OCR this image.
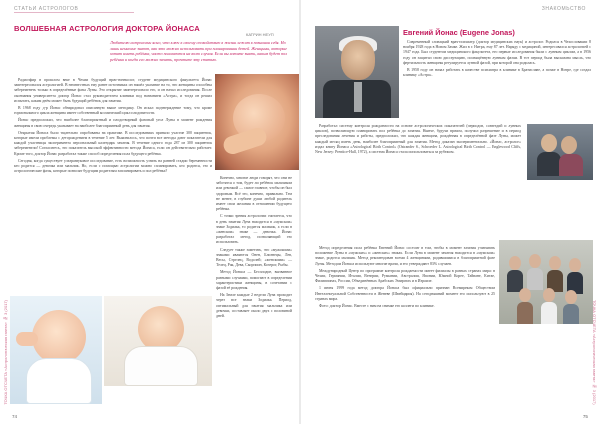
СТАТЬИ АСТРОЛОГОВ
ВОЛШЕБНАЯ АСТРОЛОГИЯ ДОКТОРА ЙОНАСА
КАТРИН НЕУП
Любителю астрологии ясно, что ключ к своему спокойствию в жизни лежит в познании себя. Но лишь немногие знают, как это можно использовать при планировании детей. Женщины, которые хотят иметь ребёнка, часто полагаются на волю случая. Если вы хотите знать, каким будет пол ребёнка и когда его можно зачать, прочтите эту статью.

Радиоэфир в прошлом веке в Чехии будущий врач-гинеколог, студент медицинского факультета Йонас заинтересовался астрологией. В неизвестных ему ранее источниках он нашёл указание на то, что женщины способны забеременеть только в определённые фазы Луны. Это открытие заинтересовало его, и он начал исследования. После окончания университета доктор Йонас стал руководителем клиники под названием «Астра», и тогда он решил испытать, каким днём может быть будущий ребёнок для зачатия.

В 1968 году д-р Йонас обнародовал описанную выше методику. Он искал подтверждение тому, что кроме гормонального цикла женщина имеет собственный космический цикл плодовитости.

Йонас предположил, что наиболее благоприятный и плодотворный фазовый угол Луны в момент рождения женщины в свою очередь указывает на наиболее благоприятный день для зачатия.

Открытия Йонаса было тщательно опробованы на практике. В исследованиях приняло участие 300 пациенток, которые имели проблемы с деторождением в течение 5 лет. Выяснилось, что почти все методы дают показатели для каждой участницы эксперимента персональный календарь зачатия. В течение одного года 287 из 300 пациенток забеременели! Согласитесь, это показатель высокой эффективности метода Йонаса, если он действительно работает. Кроме того, доктор Йонас разработал также способ определения пола будущего ребёнка.

Сегодня, когда существует ультразвуковое исследование, есть возможность узнать на ранней стадии беременности кто родится — девочка или мальчик. Но, если с помощью астрологии можно спланировать, кто родится, это и астрологические фазы, которые позволят будущим родителям запланировать и пол ребёнка?

Конечно, многие люди говорят, что они не заботятся о том, будет ли ребёнок мальчиком или девочкой — самое главное, чтобы он был здоровым. Всё это, конечно, правильно. Тем не менее, в глубине души любой родитель имеет свои желания в отношении будущего ребёнка.

С точки зрения астрологии считается, что в день зачатия Луна находится в «мужском» знаке Зодиака, то родится мальчик, а если в «женском» знаке — девочка. Йонас разработал метод, позволяющий это использовать.

Следует также заметить, что «мужскими» знаками являются Овен, Близнецы, Лев, Весы, Стрелец, Водолей; «женскими» — Телец, Рак, Дева, Скорпион, Козерог, Рыбы.

Метод Йонаса — Бесплодие, вызванное разными случаями, помогают в определении характеристики женщины, в сочетании с фазой её рождения.

На Земле каждые 2 недели Луна проходит через все знаки Зодиака. Период, оптимальный для зачатия мальчика или девочки, составляет около двух с половиной дней.

ТОЧКА ОТСЧЕТА «Астрологическая газета» № 3 (2017)
74
ЗНАКОМЬСТВО
Евгений Йонас (Eugene Jonas)

Современный словацкий врач-психиатр (доктор медицинских наук) и астролог. Родился в Чехословакии 8 ноября 1928 года в Новом Замке. Жил в г. Нитра, ему 87 лет. Наряду с медициной, интересовался астрологией с 1947 года. Был студентом медицинского факультета, его первые исследования были с лунным циклом, а в 1956 году он защитил свою диссертацию, посвящённую лунным фазам. В тот период была высказана мысль, что фертильность женщины регулируется лунной фазой, при которой она родилась.

В 1958 году он начал работать в качестве психиатра в клинике в Братиславе, а позже в Нитре, где создал клинику «Астра».

Разработал систему контроля рождаемости на основе астрологических показателей (периодов, созвездий и лунных циклов), позволяющую планировать пол ребёнка до зачатия. Нынче, будучи врачом, получил разрешение и в период преследования лечения и работы, предположил, что каждая женщина, рождённая в определённой фазе Луны, может каждый месяц иметь день, наиболее благоприятный для зачатия. Метод доказан экспериментально. «Йонас, астролог» издал книгу Йонаса «Astrological Birth Control» (Ostrander S., Schroeder L. Astrological Birth Control — Englewood Cliffs, New Jersey: Prentice-Hall, 1972), а система Йонаса стала использоваться за рубежом.

Метод определения пола ребёнка Евгений Йонас состоит в том, чтобы в момент зачатия учитывать положение Луны в «мужских» и «женских» знаках. Если Луна в момент зачатия находится в «мужском» знаке, родится мальчик. Метод рекомендован всеми 4 женщинами, родившимися в благоприятной фазе Луны. Методом Йонаса используют многие врачи, и его утверждают 83% случаев.

Международный Центр по программе контроля рождаемости имеет филиалы в разных странах мира: в Чехии, Германии, Италии, Венгрии, Румынии, Австралии, Японии, Южной Корее, Тайване, Китае, Филиппинах, России, Объединённых Арабских Эмиратах и в Израиле.

1 июня 1999 года метод доктора Йонаса был официально признан Всемирным Обществом Интеллектуальной Собственности в Женеве (Швейцария). На сегодняшний момент его используют в 25 странах мира.

Фото: доктор Йонас. Вместе с ним на снимке его коллеги по клинике.	ТОЧКА ОТСЧЕТА «Астрологическая газета» № 3 (2017)
75
